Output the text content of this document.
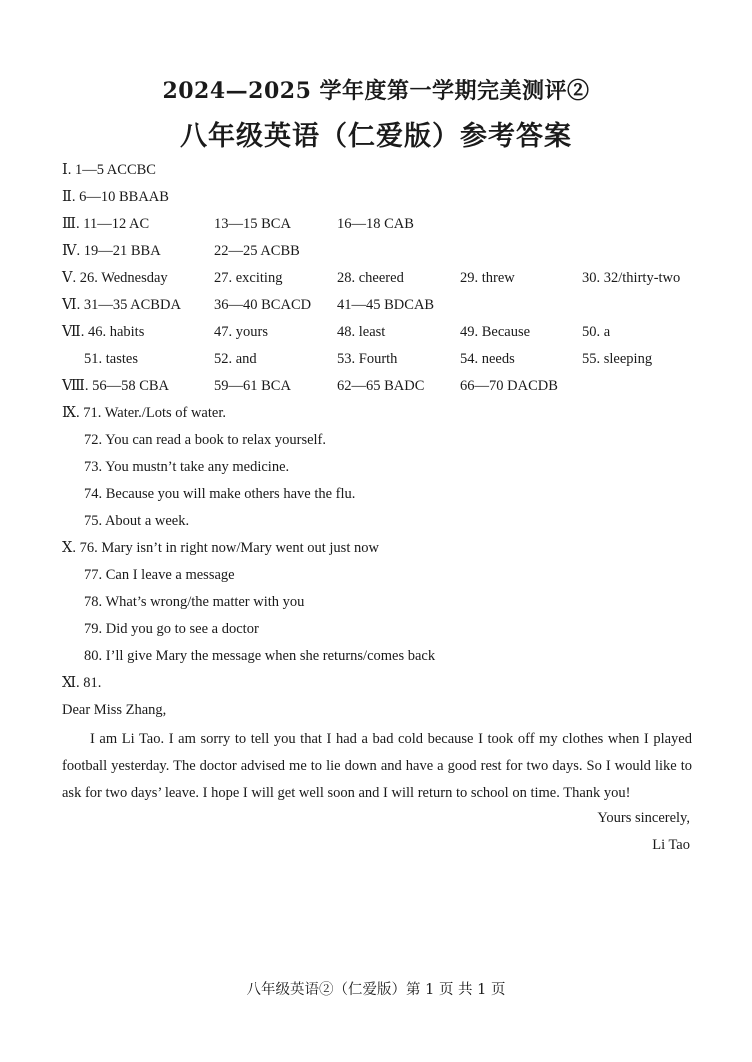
2024—2025 学年度第一学期完美测评②
八年级英语（仁爱版）参考答案
Ⅰ. 1—5 ACCBC
Ⅱ. 6—10 BBAAB
Ⅲ. 11—12 AC	13—15 BCA	16—18 CAB
Ⅳ. 19—21 BBA	22—25 ACBB
Ⅴ. 26. Wednesday	27. exciting	28. cheered	29. threw	30. 32/thirty-two
Ⅵ. 31—35 ACBDA 36—40 BCACD 41—45 BDCAB
Ⅶ. 46. habits	47. yours	48. least	49. Because	50. a
51. tastes	52. and	53. Fourth	54. needs	55. sleeping
Ⅷ. 56—58 CBA	59—61 BCA	62—65 BADC 66—70 DACDB
Ⅸ. 71. Water./Lots of water.
72. You can read a book to relax yourself.
73. You mustn’t take any medicine.
74. Because you will make others have the flu.
75. About a week.
Ⅹ. 76. Mary isn’t in right now/Mary went out just now
77. Can I leave a message
78. What’s wrong/the matter with you
79. Did you go to see a doctor
80. I’ll give Mary the message when she returns/comes back
Ⅺ. 81.
Dear Miss Zhang,
I am Li Tao. I am sorry to tell you that I had a bad cold because I took off my clothes when I played football yesterday. The doctor advised me to lie down and have a good rest for two days. So I would like to ask for two days’ leave. I hope I will get well soon and I will return to school on time. Thank you!
Yours sincerely,
Li Tao
八年级英语②（仁爱版）第 1 页 共 1 页
